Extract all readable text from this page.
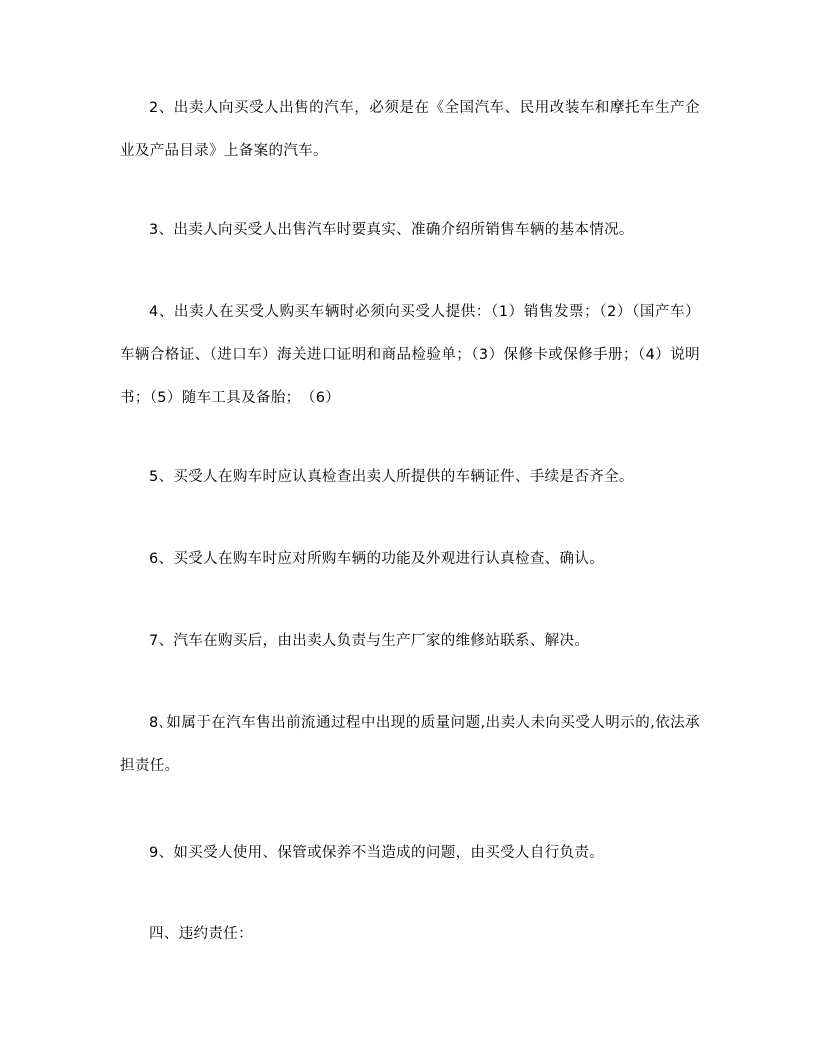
2、出卖人向买受人出售的汽车，必须是在《全国汽车、民用改装车和摩托车生产企业及产品目录》上备案的汽车。

3、出卖人向买受人出售汽车时要真实、准确介绍所销售车辆的基本情况。

4、出卖人在买受人购买车辆时必须向买受人提供：（1）销售发票；（2）（国产车）车辆合格证、（进口车）海关进口证明和商品检验单；（3）保修卡或保修手册；（4）说明书；（5）随车工具及备胎；　（6）

5、买受人在购车时应认真检查出卖人所提供的车辆证件、手续是否齐全。

6、买受人在购车时应对所购车辆的功能及外观进行认真检查、确认。

7、汽车在购买后，由出卖人负责与生产厂家的维修站联系、解决。

8､如属于在汽车售出前流通过程中出现的质量问题,出卖人未向买受人明示的,依法承担责任。

9、如买受人使用、保管或保养不当造成的问题，由买受人自行负责。

四、违约责任：
